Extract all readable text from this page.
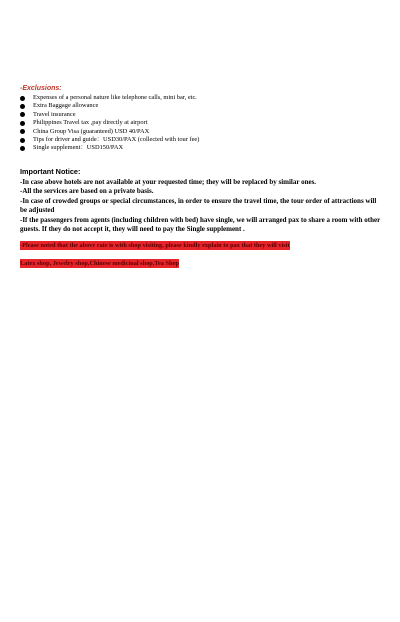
-Exclusions:
Expenses of a personal nature like telephone calls, mini bar, etc.
Extra Baggage allowance
Travel insurance
Philippines Travel tax ,pay directly at airport
China Group Visa (guaranteed) USD 40/PAX
Tips for driver and guide：USD30/PAX (collected with tour fee)
Single supplement：USD150/PAX
Important Notice:

-In case above hotels are not available at your requested time; they will be replaced by similar ones.

-All the services are based on a private basis.

-In case of crowded groups or special circumstances, in order to ensure the travel time, the tour order of attractions will be adjusted

-If the passengers from agents (including children with bed) have single, we will arranged pax to share a room with other guests. If they do not accept it, they will need to pay the Single supplement .

-Please noted that the above rate is with shop visiting, please kindly explain to pax that they will visit
Latex shop, Jewelry shop,Chinese medicinal shop,Tea Shop
